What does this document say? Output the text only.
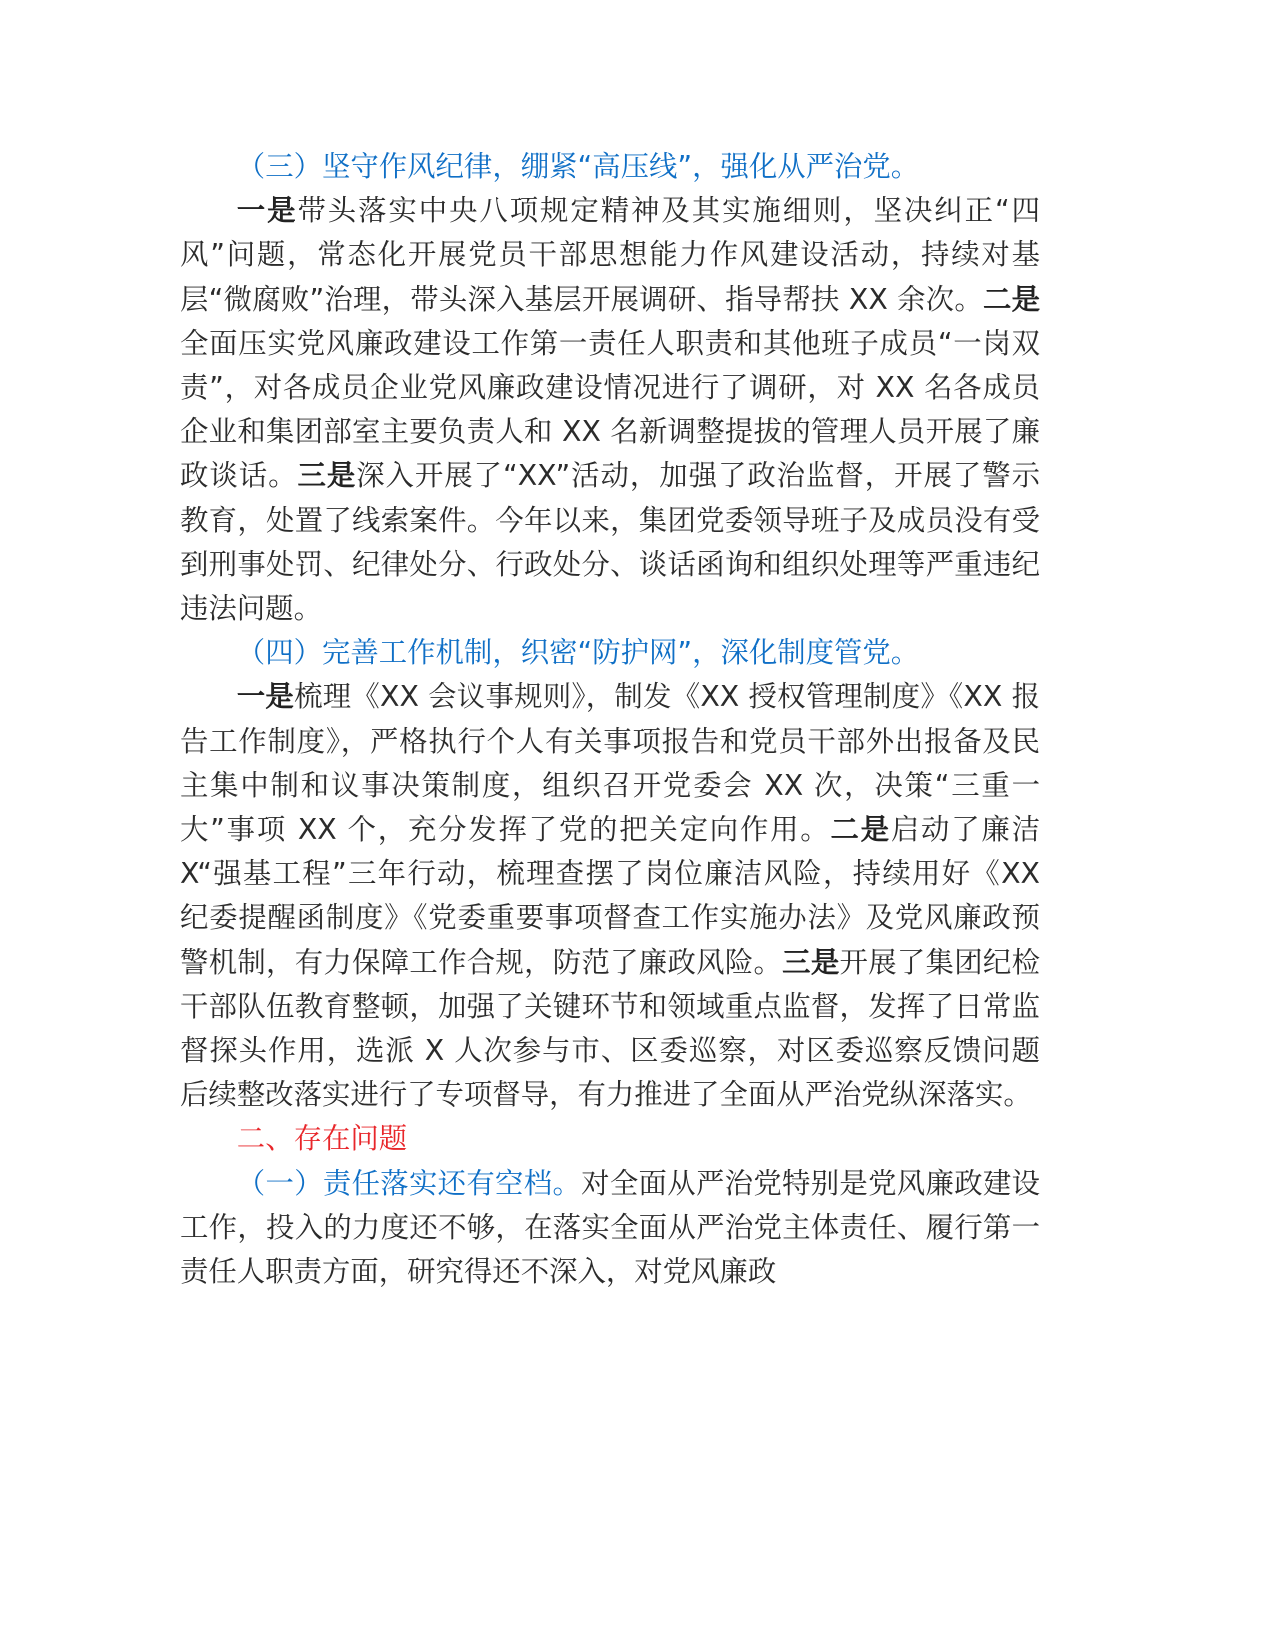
（三）坚守作风纪律，绷紧“高压线”，强化从严治党。

一是带头落实中央八项规定精神及其实施细则，坚决纠正“四风”问题，常态化开展党员干部思想能力作风建设活动，持续对基层“微腐败”治理，带头深入基层开展调研、指导帮扶 XX 余次。二是全面压实党风廉政建设工作第一责任人职责和其他班子成员“一岗双责”，对各成员企业党风廉政建设情况进行了调研，对 XX 名各成员企业和集团部室主要负责人和 XX 名新调整提拔的管理人员开展了廉政谈话。三是深入开展了“XX”活动，加强了政治监督，开展了警示教育，处置了线索案件。今年以来，集团党委领导班子及成员没有受到刑事处罚、纪律处分、行政处分、谈话函询和组织处理等严重违纪违法问题。

（四）完善工作机制，织密“防护网”，深化制度管党。

一是梳理《XX 会议事规则》，制发《XX 授权管理制度》《XX 报告工作制度》，严格执行个人有关事项报告和党员干部外出报备及民主集中制和议事决策制度，组织召开党委会 XX 次，决策“三重一大”事项 XX 个，充分发挥了党的把关定向作用。二是启动了廉洁 X“强基工程”三年行动，梳理查摆了岗位廉洁风险，持续用好《XX 纪委提醒函制度》《党委重要事项督查工作实施办法》及党风廉政预警机制，有力保障工作合规，防范了廉政风险。三是开展了集团纪检干部队伍教育整顿，加强了关键环节和领域重点监督，发挥了日常监督探头作用，选派 X 人次参与市、区委巡察，对区委巡察反馈问题后续整改落实进行了专项督导，有力推进了全面从严治党纵深落实。

二、存在问题

（一）责任落实还有空档。对全面从严治党特别是党风廉政建设工作，投入的力度还不够，在落实全面从严治党主体责任、履行第一责任人职责方面，研究得还不深入，对党风廉政
